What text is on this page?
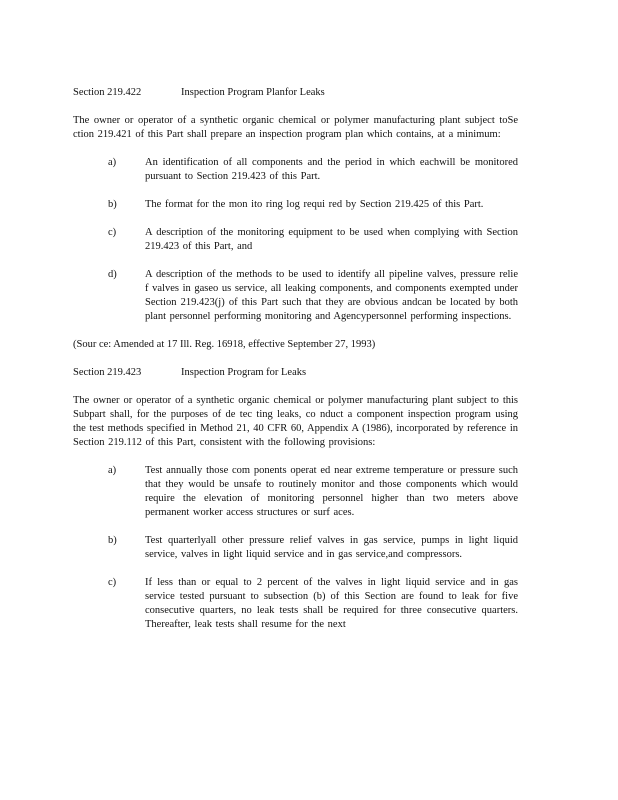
Section 219.422	Inspection Program Planfor Leaks

The owner or operator of a synthetic organic chemical or polymer manufacturing plant subject toSe ction 219.421 of this Part shall prepare an inspection program plan which contains, at a minimum:

a)	An identification of all components and the period in which eachwill be monitored pursuant to Section 219.423 of this Part.
b)	The format for the mon ito ring log requi red by Section 219.425 of this Part.
c)	A description of the monitoring equipment to be used when complying with Section 219.423 of this Part, and
d)	A description of the methods to be used to identify all pipeline valves, pressure relie f valves in gaseo us service, all leaking components, and components exempted under Section 219.423(j) of this Part such that they are obvious andcan be located by both plant personnel performing monitoring and Agencypersonnel performing inspections.

(Sour ce: Amended at 17 Ill. Reg. 16918, effective September 27, 1993)

Section 219.423	Inspection Program for Leaks

The owner or operator of a synthetic organic chemical or polymer manufacturing plant subject to this Subpart shall, for the purposes of de tec ting leaks, co nduct a component inspection program using the test methods specified in Method 21, 40 CFR 60, Appendix A (1986), incorporated by reference in Section 219.112 of this Part, consistent with the following provisions:

a)	Test annually those com ponents operat ed near extreme temperature or pressure such that they would be unsafe to routinely monitor and those components which would require the elevation of monitoring personnel higher than two meters above permanent worker access structures or surf aces.
b)	Test quarterlyall other pressure relief valves in gas service, pumps in light liquid service, valves in light liquid service and in gas service,and compressors.
c)	If less than or equal to 2 percent of the valves in light liquid service and in gas service tested pursuant to subsection (b) of this Section are found to leak for five consecutive quarters, no leak tests shall be required for three consecutive quarters. Thereafter, leak tests shall resume for the next
